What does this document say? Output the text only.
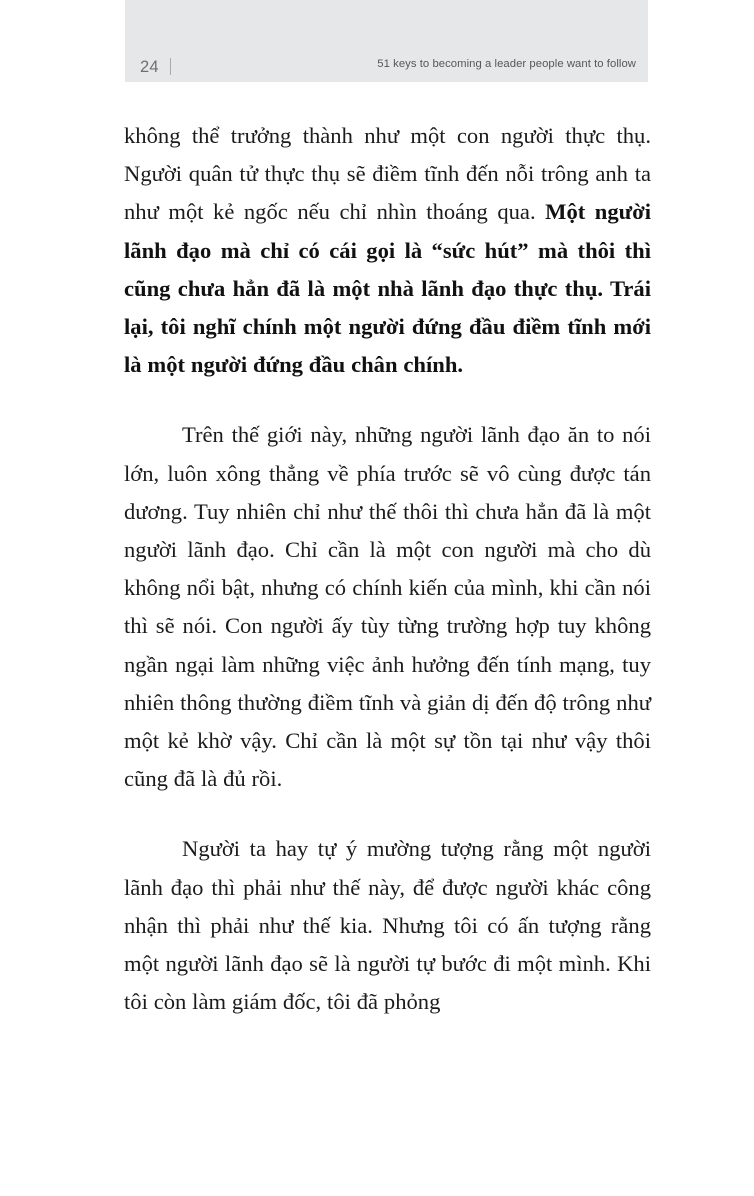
24	51 keys to becoming a leader people want to follow

không thể trưởng thành như một con người thực thụ. Người quân tử thực thụ sẽ điềm tĩnh đến nỗi trông anh ta như một kẻ ngốc nếu chỉ nhìn thoáng qua. Một người lãnh đạo mà chỉ có cái gọi là “sức hút” mà thôi thì cũng chưa hẳn đã là một nhà lãnh đạo thực thụ. Trái lại, tôi nghĩ chính một người đứng đầu điềm tĩnh mới là một người đứng đầu chân chính.

Trên thế giới này, những người lãnh đạo ăn to nói lớn, luôn xông thẳng về phía trước sẽ vô cùng được tán dương. Tuy nhiên chỉ như thế thôi thì chưa hẳn đã là một người lãnh đạo. Chỉ cần là một con người mà cho dù không nổi bật, nhưng có chính kiến của mình, khi cần nói thì sẽ nói. Con người ấy tùy từng trường hợp tuy không ngần ngại làm những việc ảnh hưởng đến tính mạng, tuy nhiên thông thường điềm tĩnh và giản dị đến độ trông như một kẻ khờ vậy. Chỉ cần là một sự tồn tại như vậy thôi cũng đã là đủ rồi.

Người ta hay tự ý mường tượng rằng một người lãnh đạo thì phải như thế này, để được người khác công nhận thì phải như thế kia. Nhưng tôi có ấn tượng rằng một người lãnh đạo sẽ là người tự bước đi một mình. Khi tôi còn làm giám đốc, tôi đã phỏng
